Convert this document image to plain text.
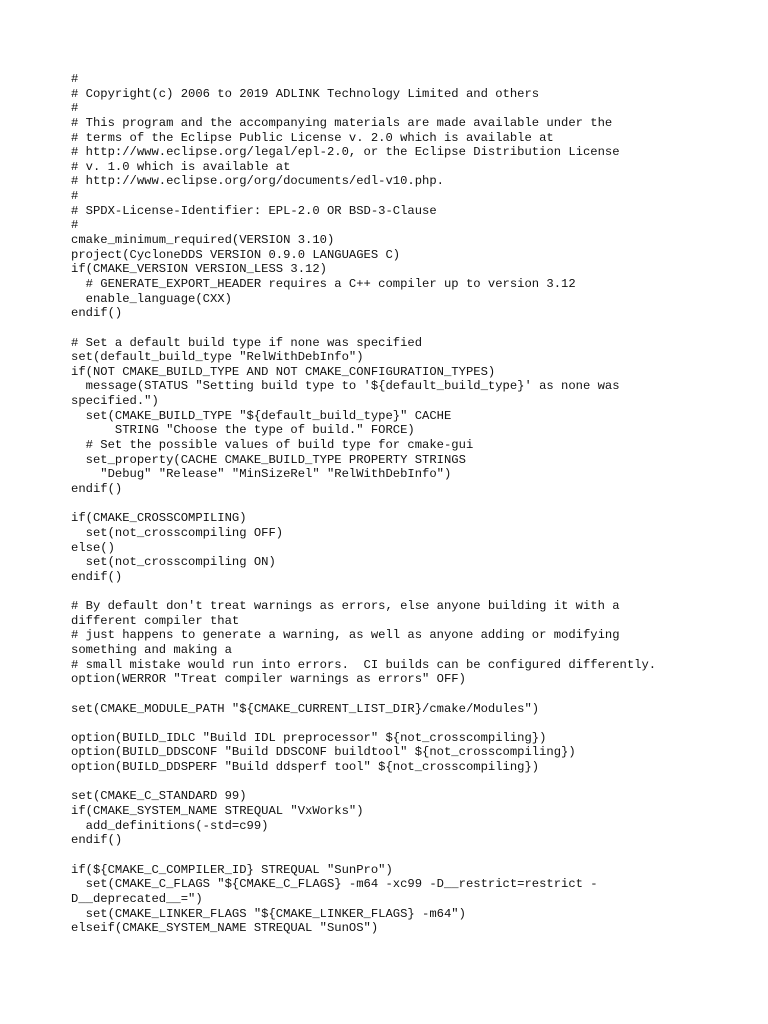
#
# Copyright(c) 2006 to 2019 ADLINK Technology Limited and others
#
# This program and the accompanying materials are made available under the
# terms of the Eclipse Public License v. 2.0 which is available at
# http://www.eclipse.org/legal/epl-2.0, or the Eclipse Distribution License
# v. 1.0 which is available at
# http://www.eclipse.org/org/documents/edl-v10.php.
#
# SPDX-License-Identifier: EPL-2.0 OR BSD-3-Clause
#
cmake_minimum_required(VERSION 3.10)
project(CycloneDDS VERSION 0.9.0 LANGUAGES C)
if(CMAKE_VERSION VERSION_LESS 3.12)
# GENERATE_EXPORT_HEADER requires a C++ compiler up to version 3.12
enable_language(CXX)
endif()
# Set a default build type if none was specified
set(default_build_type "RelWithDebInfo")
if(NOT CMAKE_BUILD_TYPE AND NOT CMAKE_CONFIGURATION_TYPES)
message(STATUS "Setting build type to '${default_build_type}' as none was
specified.")
set(CMAKE_BUILD_TYPE "${default_build_type}" CACHE
STRING "Choose the type of build." FORCE)
# Set the possible values of build type for cmake-gui
set_property(CACHE CMAKE_BUILD_TYPE PROPERTY STRINGS
"Debug" "Release" "MinSizeRel" "RelWithDebInfo")
endif()
if(CMAKE_CROSSCOMPILING)
set(not_crosscompiling OFF)
else()
set(not_crosscompiling ON)
endif()
# By default don't treat warnings as errors, else anyone building it with a
different compiler that
# just happens to generate a warning, as well as anyone adding or modifying
something and making a
# small mistake would run into errors.  CI builds can be configured differently.
option(WERROR "Treat compiler warnings as errors" OFF)
set(CMAKE_MODULE_PATH "${CMAKE_CURRENT_LIST_DIR}/cmake/Modules")
option(BUILD_IDLC "Build IDL preprocessor" ${not_crosscompiling})
option(BUILD_DDSCONF "Build DDSCONF buildtool" ${not_crosscompiling})
option(BUILD_DDSPERF "Build ddsperf tool" ${not_crosscompiling})
set(CMAKE_C_STANDARD 99)
if(CMAKE_SYSTEM_NAME STREQUAL "VxWorks")
add_definitions(-std=c99)
endif()
if(${CMAKE_C_COMPILER_ID} STREQUAL "SunPro")
set(CMAKE_C_FLAGS "${CMAKE_C_FLAGS} -m64 -xc99 -D__restrict=restrict -
D__deprecated__=")
set(CMAKE_LINKER_FLAGS "${CMAKE_LINKER_FLAGS} -m64")
elseif(CMAKE_SYSTEM_NAME STREQUAL "SunOS")
